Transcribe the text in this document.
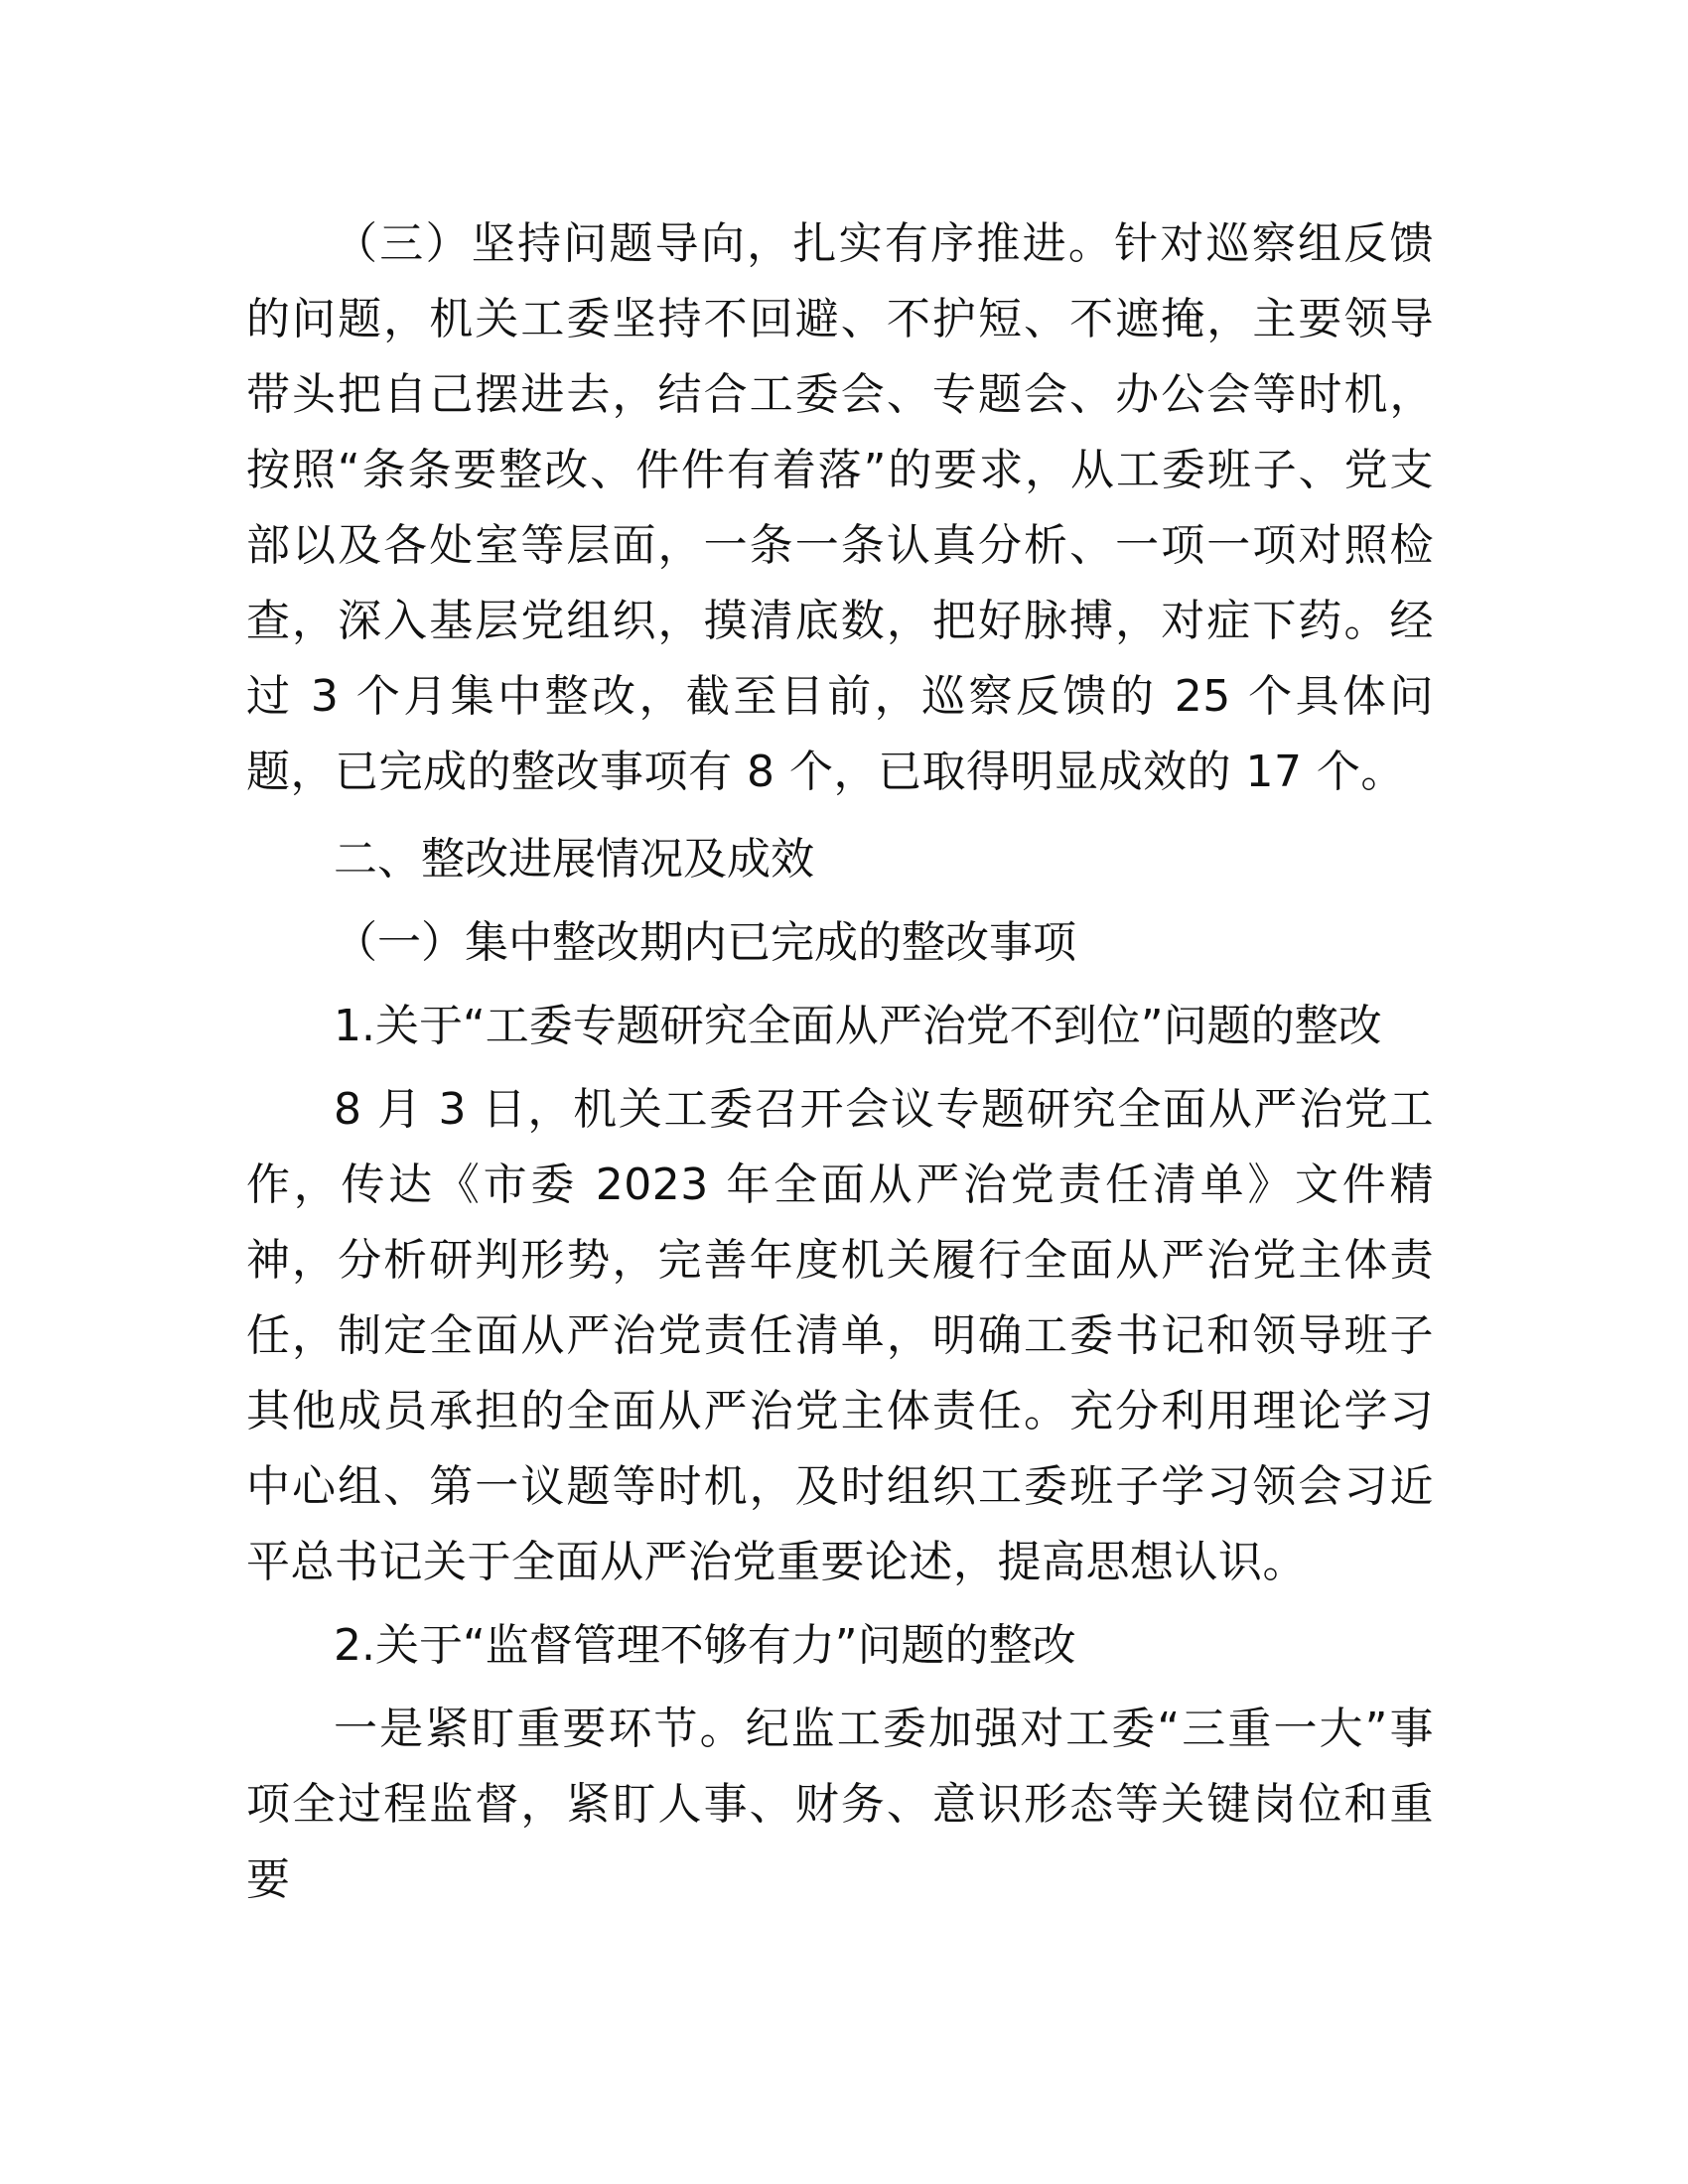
（三）坚持问题导向，扎实有序推进。针对巡察组反馈的问题，机关工委坚持不回避、不护短、不遮掩，主要领导带头把自己摆进去，结合工委会、专题会、办公会等时机，按照“条条要整改、件件有着落”的要求，从工委班子、党支部以及各处室等层面，一条一条认真分析、一项一项对照检查，深入基层党组织，摸清底数，把好脉搏，对症下药。经过 3 个月集中整改，截至目前，巡察反馈的 25 个具体问题，已完成的整改事项有 8 个，已取得明显成效的 17 个。

二、整改进展情况及成效

（一）集中整改期内已完成的整改事项

1.关于“工委专题研究全面从严治党不到位”问题的整改

8 月 3 日，机关工委召开会议专题研究全面从严治党工作，传达《市委 2023 年全面从严治党责任清单》文件精神，分析研判形势，完善年度机关履行全面从严治党主体责任，制定全面从严治党责任清单，明确工委书记和领导班子其他成员承担的全面从严治党主体责任。充分利用理论学习中心组、第一议题等时机，及时组织工委班子学习领会习近平总书记关于全面从严治党重要论述，提高思想认识。

2.关于“监督管理不够有力”问题的整改

一是紧盯重要环节。纪监工委加强对工委“三重一大”事项全过程监督，紧盯人事、财务、意识形态等关键岗位和重要
